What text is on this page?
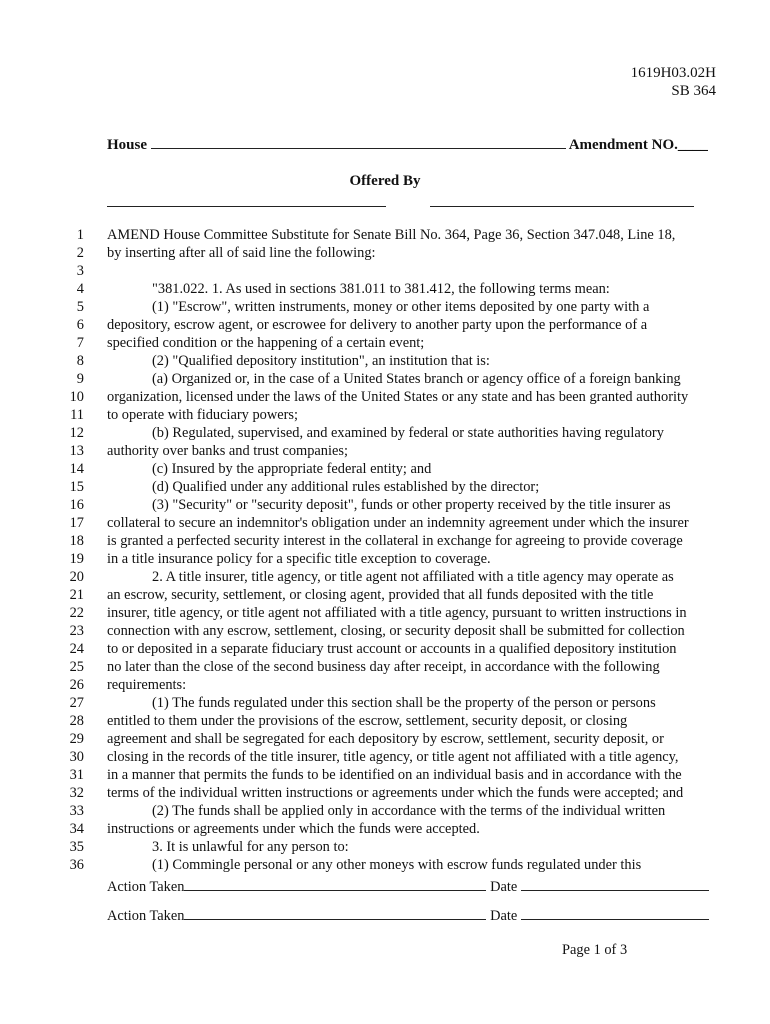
1619H03.02H
SB 364
House	Amendment NO.____
Offered By
1 AMEND House Committee Substitute for Senate Bill No. 364, Page 36, Section 347.048, Line 18,
2 by inserting after all of said line the following:
3
4	"381.022. 1. As used in sections 381.011 to 381.412, the following terms mean:
5	(1) "Escrow", written instruments, money or other items deposited by one party with a
6 depository, escrow agent, or escrowee for delivery to another party upon the performance of a
7 specified condition or the happening of a certain event;
8	(2) "Qualified depository institution", an institution that is:
9	(a) Organized or, in the case of a United States branch or agency office of a foreign banking
10 organization, licensed under the laws of the United States or any state and has been granted authority
11 to operate with fiduciary powers;
12	(b) Regulated, supervised, and examined by federal or state authorities having regulatory
13 authority over banks and trust companies;
14	(c) Insured by the appropriate federal entity; and
15	(d) Qualified under any additional rules established by the director;
16	(3) "Security" or "security deposit", funds or other property received by the title insurer as
17 collateral to secure an indemnitor's obligation under an indemnity agreement under which the insurer
18 is granted a perfected security interest in the collateral in exchange for agreeing to provide coverage
19 in a title insurance policy for a specific title exception to coverage.
20	2. A title insurer, title agency, or title agent not affiliated with a title agency may operate as
21 an escrow, security, settlement, or closing agent, provided that all funds deposited with the title
22 insurer, title agency, or title agent not affiliated with a title agency, pursuant to written instructions in
23 connection with any escrow, settlement, closing, or security deposit shall be submitted for collection
24 to or deposited in a separate fiduciary trust account or accounts in a qualified depository institution
25 no later than the close of the second business day after receipt, in accordance with the following
26 requirements:
27	(1) The funds regulated under this section shall be the property of the person or persons
28 entitled to them under the provisions of the escrow, settlement, security deposit, or closing
29 agreement and shall be segregated for each depository by escrow, settlement, security deposit, or
30 closing in the records of the title insurer, title agency, or title agent not affiliated with a title agency,
31 in a manner that permits the funds to be identified on an individual basis and in accordance with the
32 terms of the individual written instructions or agreements under which the funds were accepted; and
33	(2) The funds shall be applied only in accordance with the terms of the individual written
34 instructions or agreements under which the funds were accepted.
35	3. It is unlawful for any person to:
36	(1) Commingle personal or any other moneys with escrow funds regulated under this
Action Taken	Date
Action Taken	Date
Page 1 of 3
